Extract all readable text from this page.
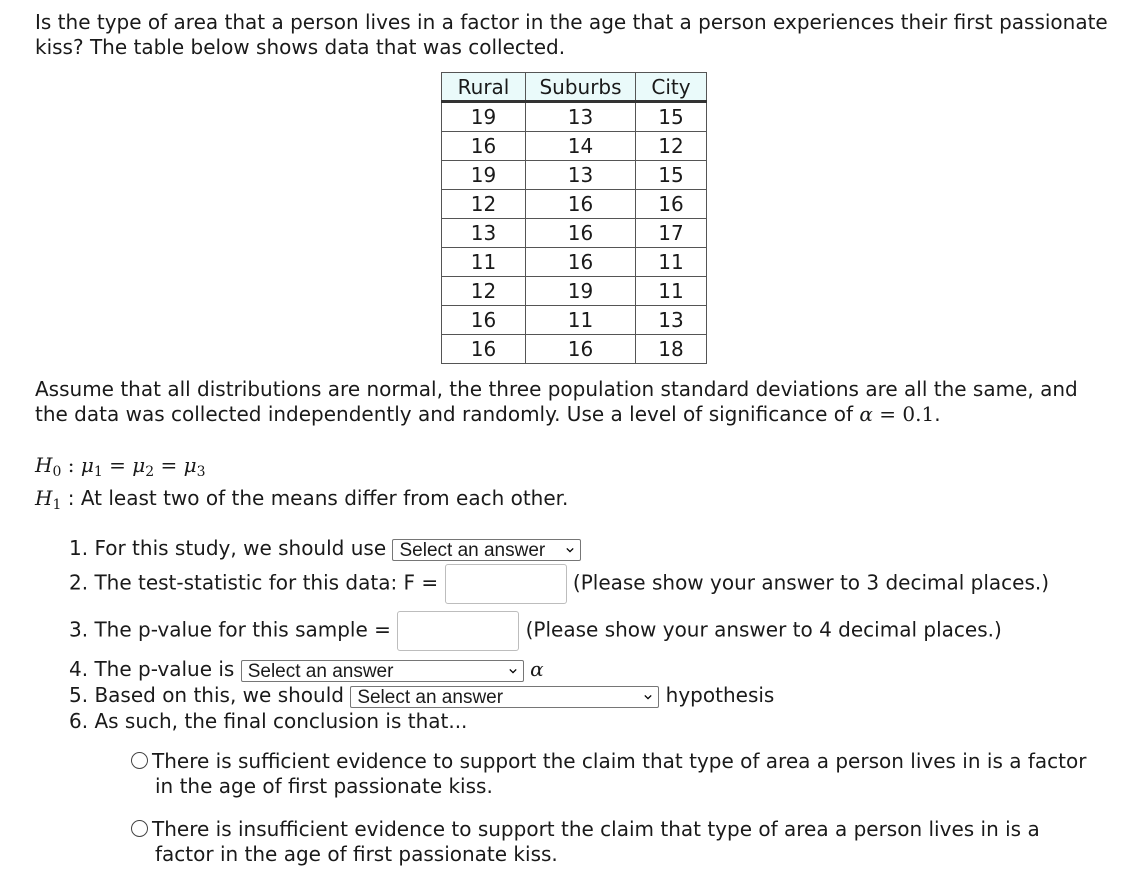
Is the type of area that a person lives in a factor in the age that a person experiences their first passionate kiss? The table below shows data that was collected.

Rural	Suburbs	City
19	13	15
16	14	12
19	13	15
12	16	16
13	16	17
11	16	11
12	19	11
16	11	13
16	16	18

Assume that all distributions are normal, the three population standard deviations are all the same, and the data was collected independently and randomly. Use a level of significance of α = 0.1.

$H_0$ : $\mu_1 = \mu_2 = \mu_3$
$H_1$ : At least two of the means differ from each other.
1. For this study, we should use Select an answer
2. The test-statistic for this data: F =	(Please show your answer to 3 decimal places.)
3. The p-value for this sample =	(Please show your answer to 4 decimal places.)
4. The p-value is Select an answer	α
5. Based on this, we should Select an answer	hypothesis
6. As such, the final conclusion is that...
There is sufficient evidence to support the claim that type of area a person lives in is a factor
in the age of first passionate kiss.
There is insufficient evidence to support the claim that type of area a person lives in is a
factor in the age of first passionate kiss.
